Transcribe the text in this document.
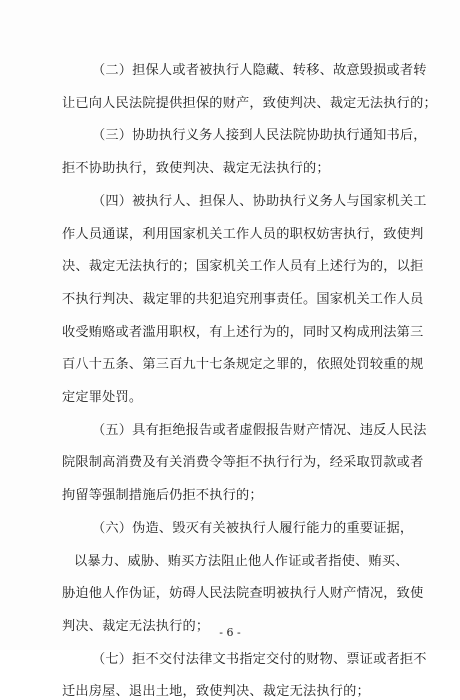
（二）担保人或者被执行人隐藏、转移、故意毁损或者转
让已向人民法院提供担保的财产，致使判决、裁定无法执行的；
（三）协助执行义务人接到人民法院协助执行通知书后，
拒不协助执行，致使判决、裁定无法执行的；
（四）被执行人、担保人、协助执行义务人与国家机关工
作人员通谋，利用国家机关工作人员的职权妨害执行，致使判
决、裁定无法执行的；国家机关工作人员有上述行为的，以拒
不执行判决、裁定罪的共犯追究刑事责任。国家机关工作人员
收受贿赂或者滥用职权，有上述行为的，同时又构成刑法第三
百八十五条、第三百九十七条规定之罪的，依照处罚较重的规
定定罪处罚。
（五）具有拒绝报告或者虚假报告财产情况、违反人民法
院限制高消费及有关消费令等拒不执行行为，经采取罚款或者
拘留等强制措施后仍拒不执行的；
（六）伪造、毁灭有关被执行人履行能力的重要证据，
以暴力、威胁、贿买方法阻止他人作证或者指使、贿买、
胁迫他人作伪证，妨碍人民法院查明被执行人财产情况，致使
判决、裁定无法执行的；
（七）拒不交付法律文书指定交付的财物、票证或者拒不
迁出房屋、退出土地，致使判决、裁定无法执行的；
- 6 -
